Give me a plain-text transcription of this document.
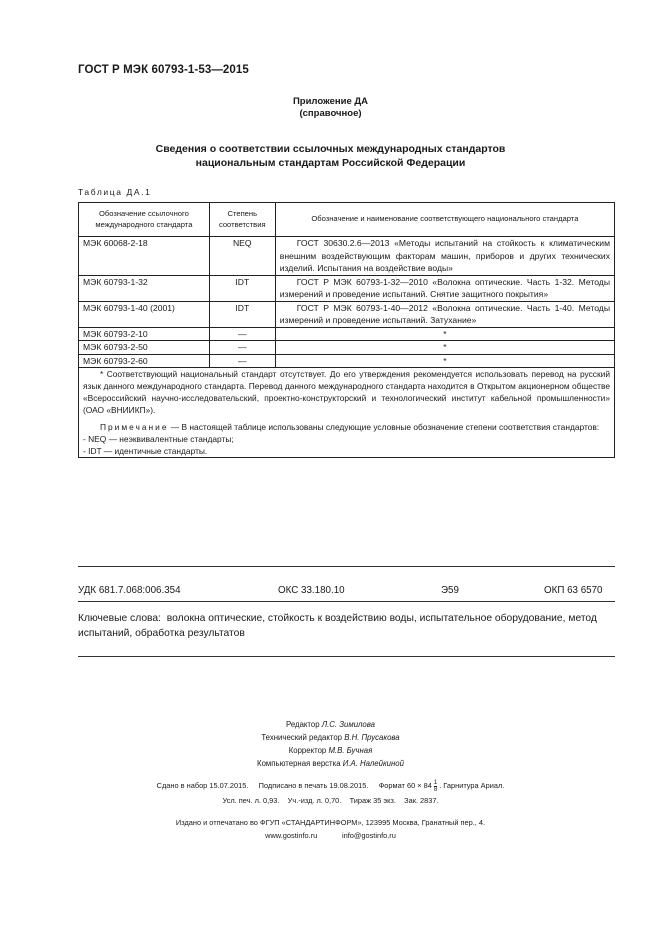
ГОСТ Р МЭК 60793-1-53—2015
Приложение ДА
(справочное)
Сведения о соответствии ссылочных международных стандартов
национальным стандартам Российской Федерации
Таблица ДА.1
Обозначение ссылочного
международного стандарта	Степень
соответствия	Обозначение и наименование соответствующего национального стандарта
МЭК 60068-2-18	NEQ	ГОСТ 30630.2.6—2013 «Методы испытаний на стойкость к климатическим внешним воздействующим факторам машин, приборов и других технических изделий. Испытания на воздействие воды»
МЭК 60793-1-32	IDT	ГОСТ Р МЭК 60793-1-32—2010 «Волокна оптические. Часть 1-32. Методы измерений и проведение испытаний. Снятие защитного покрытия»
МЭК 60793-1-40 (2001)	IDT	ГОСТ Р МЭК 60793-1-40—2012 «Волокна оптические. Часть 1-40. Методы измерений и проведение испытаний. Затухание»
МЭК 60793-2-10	—	*
МЭК 60793-2-50	—	*
МЭК 60793-2-60	—	*

* Соответствующий национальный стандарт отсутствует. До его утверждения рекомендуется использовать перевод на русский язык данного международного стандарта. Перевод данного международного стандарта находится в Открытом акционерном обществе «Всероссийский научно-исследовательский, проектно-конструкторский и технологический институт кабельной промышленности» (ОАО «ВНИИКП»).
Примечание — В настоящей таблице использованы следующие условные обозначение степени соответствия стандартов:
- NEQ — неэквивалентные стандарты;
- IDT — идентичные стандарты.		
УДК 681.7.068:006.354	ОКС 33.180.10	Э59	ОКП 63 6570
Ключевые слова: волокна оптические, стойкость к воздействию воды, испытательное оборудование, метод испытаний, обработка результатов
Редактор Л.С. Зимилова
Технический редактор В.Н. Прусакова
Корректор М.В. Бучная
Компьютерная верстка И.А. Налейкиной
Сдано в набор 15.07.2015. Подписано в печать 19.08.2015. Формат $60 \times 84 \frac{1}{8}$ . Гарнитура Ариал.
Усл. печ. л. 0,93. Уч.-изд. л. 0,70. Тираж 35 экз. Зак. 2837.
Издано и отпечатано во ФГУП «СТАНДАРТИНФОРМ», 123995 Москва, Гранатный пер., 4.
www.gostinfo.ru	info@gostinfo.ru
